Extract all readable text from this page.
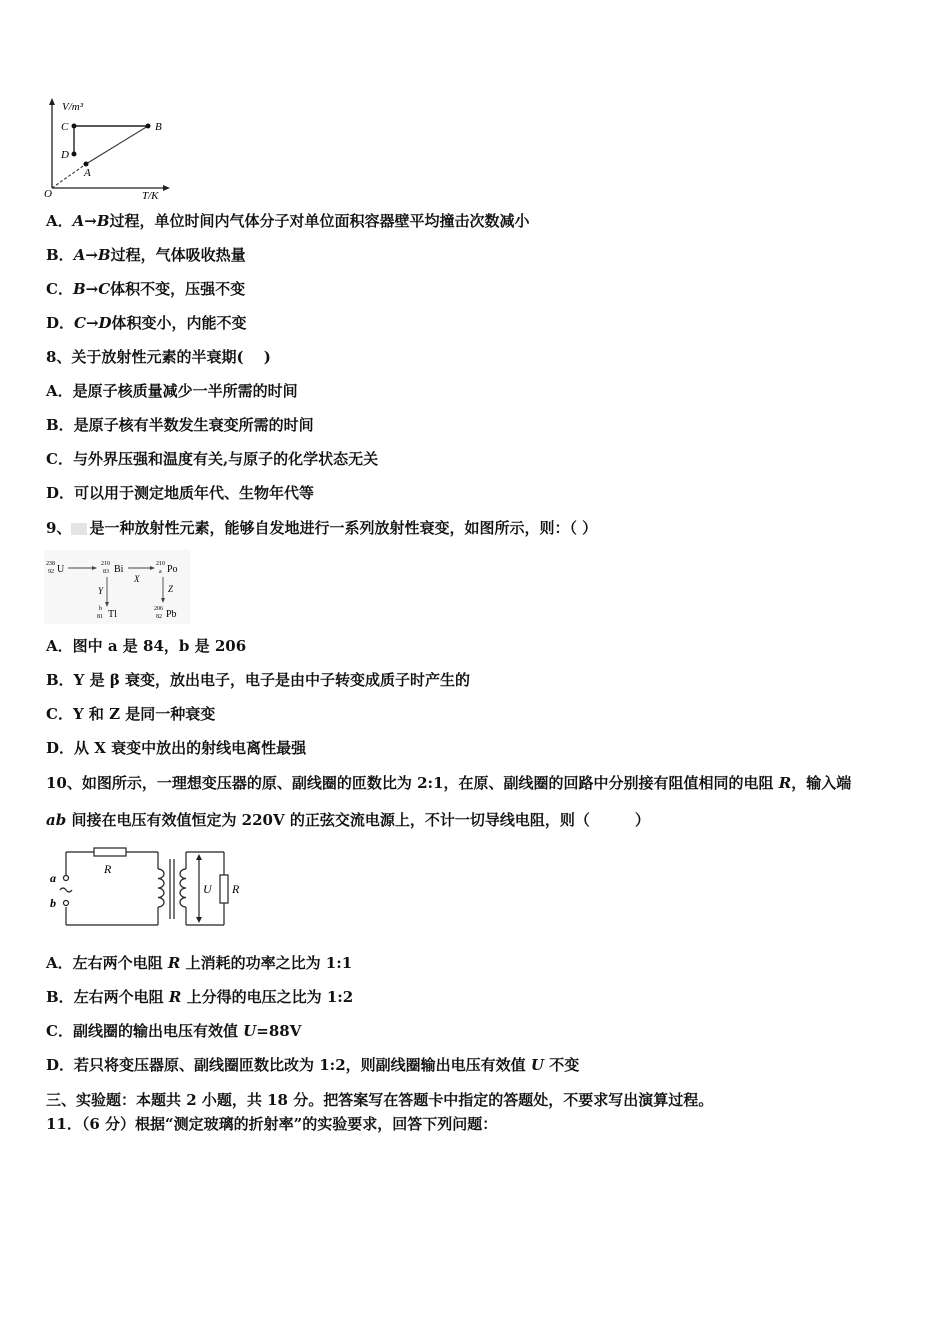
V/m³
T/K
O
C	B
D
A
A．A→B过程，单位时间内气体分子对单位面积容器壁平均撞击次数减小
B．A→B过程，气体吸收热量
C．B→C体积不变，压强不变
D．C→D体积变小，内能不变
8、关于放射性元素的半衰期(　 )
A．是原子核质量减少一半所需的时间
B．是原子核有半数发生衰变所需的时间
C．与外界压强和温度有关,与原子的化学状态无关
D．可以用于测定地质年代、生物年代等
9、 是一种放射性元素，能够自发地进行一系列放射性衰变，如图所示，则：（ ）
238
92 U	210
83 Bi
X
210
a Po
Y
b
81 Tl
Z
206
82 Pb
A．图中 a 是 84，b 是 206
B．Y 是 β 衰变，放出电子，电子是由中子转变成质子时产生的
C．Y 和 Z 是同一种衰变
D．从 X 衰变中放出的射线电离性最强
10、如图所示，一理想变压器的原、副线圈的匝数比为 2:1，在原、副线圈的回路中分别接有阻值相同的电阻 R，输入端
ab 间接在电压有效值恒定为 220V 的正弦交流电源上，不计一切导线电阻，则（　　　）
a
b
R
U R
A．左右两个电阻 R 上消耗的功率之比为 1:1
B．左右两个电阻 R 上分得的电压之比为 1:2
C．副线圈的输出电压有效值 U=88V
D．若只将变压器原、副线圈匝数比改为 1:2，则副线圈输出电压有效值 U 不变
三、实验题：本题共 2 小题，共 18 分。把答案写在答题卡中指定的答题处，不要求写出演算过程。
11．（6 分）根据“测定玻璃的折射率”的实验要求，回答下列问题：
